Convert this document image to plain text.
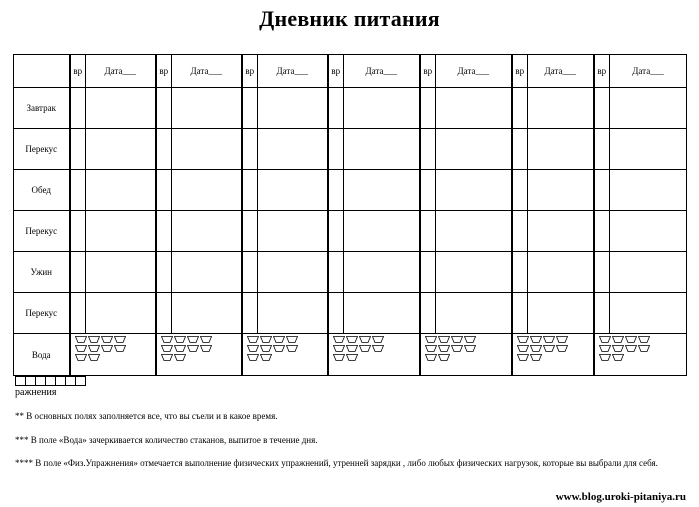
Дневник питания
	вр	Дата___	вр	Дата___	вр	Дата___	вр	Дата___	вр	Дата___	вр	Дата___	вр	Дата___
Завтрак														
Перекус														
Обед														
Перекус														
Ужин														
Перекус														
Вода	

ражнения
** В основных полях заполняется все, что вы съели и в какое время.
*** В поле «Вода» зачеркивается количество стаканов, выпитое в течение дня.
**** В поле «Физ.Упражнения» отмечается выполнение физических упражнений, утренней зарядки , либо любых физических нагрузок, которые вы выбрали для себя.
www.blog.uroki-pitaniya.ru
